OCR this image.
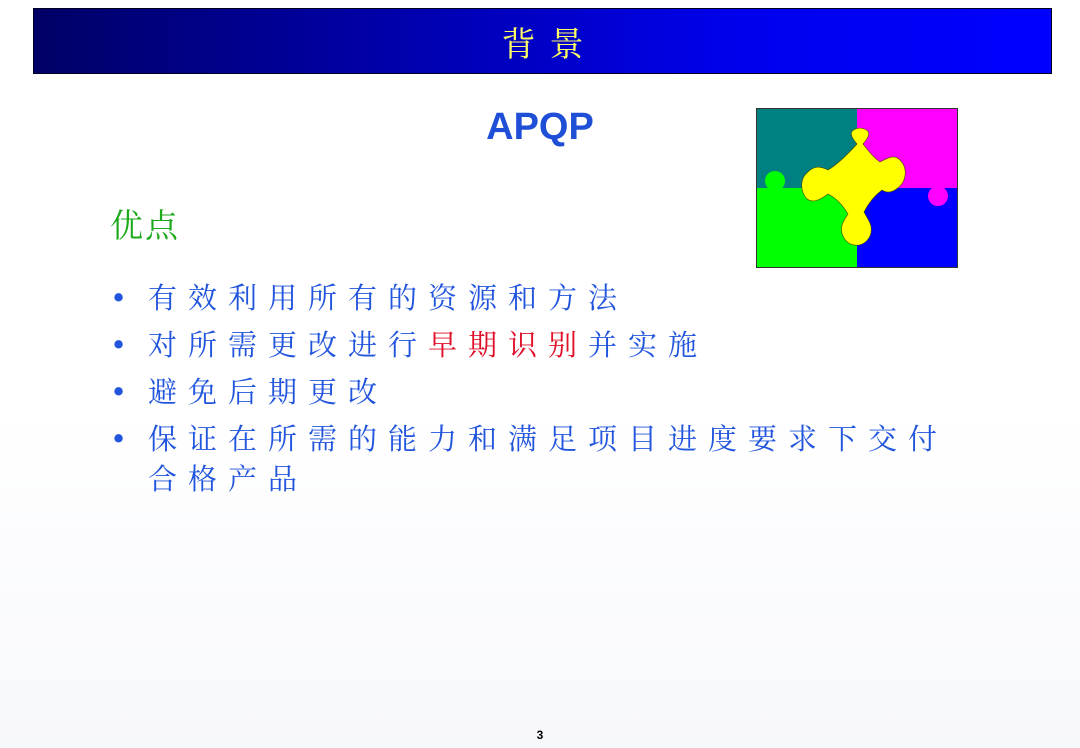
背景
APQP
优点
• 有效利用所有的资源和方法
• 对所需更改进行早期识别并实施
• 避免后期更改
• 保证在所需的能力和满足项目进度要求下交付
合格产品
3
